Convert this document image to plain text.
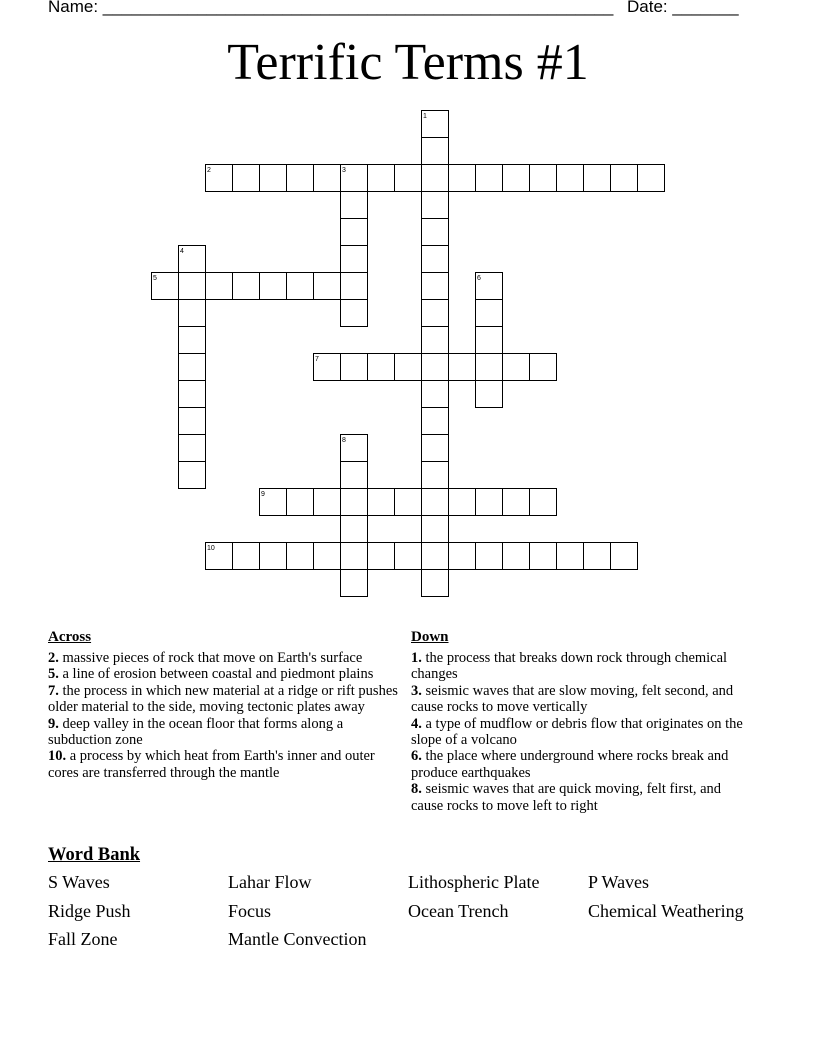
Name: ______________________________________________________ Date: _______
Terrific Terms #1
2
5
7
9
10
1
3
4
6
8
Across

2. massive pieces of rock that move on Earth's surface

5. a line of erosion between coastal and piedmont plains

7. the process in which new material at a ridge or rift pushes older material to the side, moving tectonic plates away

9. deep valley in the ocean floor that forms along a subduction zone

10. a process by which heat from Earth's inner and outer cores are transferred through the mantle

Down

1. the process that breaks down rock through chemical changes

3. seismic waves that are slow moving, felt second, and cause rocks to move vertically

4. a type of mudflow or debris flow that originates on the slope of a volcano

6. the place where underground where rocks break and produce earthquakes

8. seismic waves that are quick moving, felt first, and cause rocks to move left to right

Word Bank
S Waves	Lahar Flow	Lithospheric Plate	P Waves
Ridge Push	Focus	Ocean Trench	Chemical Weathering
Fall Zone	Mantle Convection
